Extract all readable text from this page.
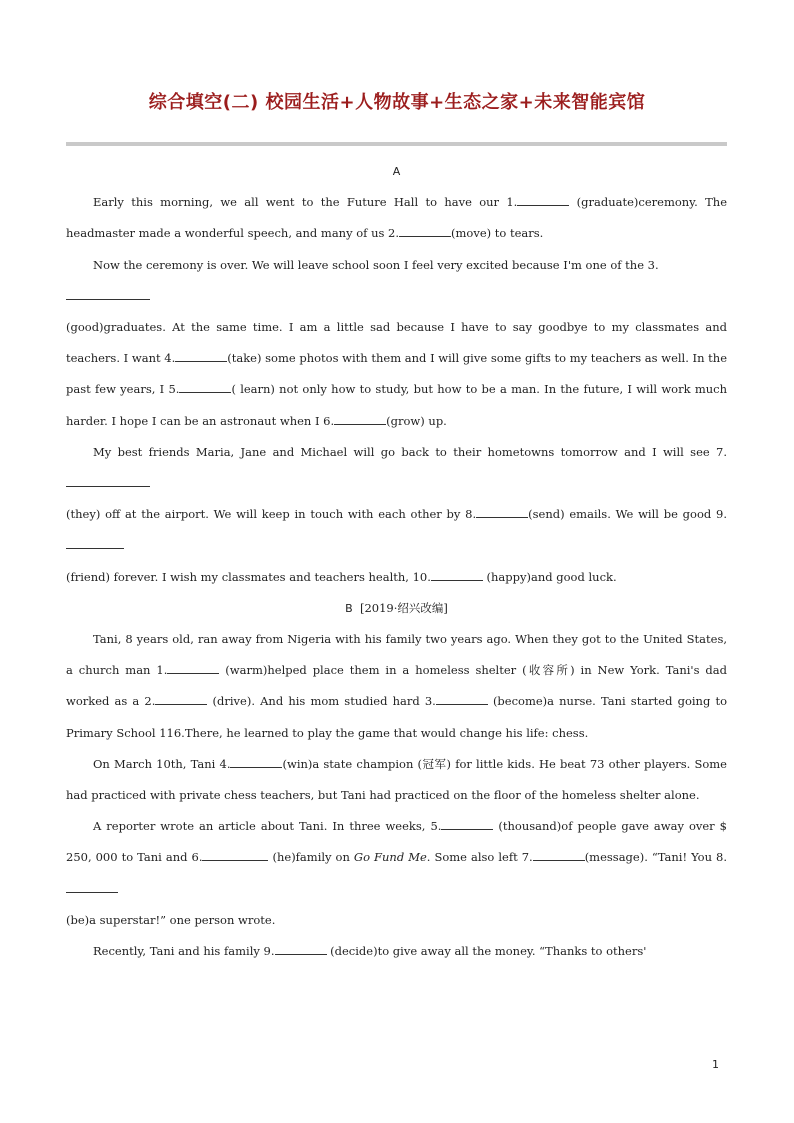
综合填空(二) 校园生活+人物故事+生态之家+未来智能宾馆
A
Early this morning, we all went to the Future Hall to have our 1.	(graduate)ceremony. The headmaster made a wonderful speech, and many of us 2.	(move) to tears.
Now the ceremony is over. We will leave school soon I feel very excited because I'm one of the 3.

(good)graduates. At the same time. I am a little sad because I have to say goodbye to my classmates and teachers. I want 4.	(take) some photos with them and I will give some gifts to my teachers as well. In the past few years, I 5.	( learn) not only how to study, but how to be a man. In the future, I will work much harder. I hope I can be an astronaut when I 6.	(grow) up.
My best friends Maria, Jane and Michael will go back to their hometowns tomorrow and I will see 7.
(they) off at the airport. We will keep in touch with each other by 8.	(send) emails. We will be good 9.
(friend) forever. I wish my classmates and teachers health, 10.	(happy)and good luck.
B [2019·绍兴改编]
Tani, 8 years old, ran away from Nigeria with his family two years ago. When they got to the United States, a church man 1.	(warm)helped place them in a homeless shelter (收容所) in New York. Tani's dad worked as a 2.	(drive). And his mom studied hard 3.	(become)a nurse. Tani started going to Primary School 116.There, he learned to play the game that would change his life: chess.
On March 10th, Tani 4.	(win)a state champion (冠军) for little kids. He beat 73 other players. Some had practiced with private chess teachers, but Tani had practiced on the floor of the homeless shelter alone.
A reporter wrote an article about Tani. In three weeks, 5.	(thousand)of people gave away over $ 250, 000 to Tani and 6.	(he)family on Go Fund Me. Some also left 7.	(message). “Tani! You 8.
(be)a superstar!” one person wrote.
Recently, Tani and his family 9.	(decide)to give away all the money. “Thanks to others'
1
